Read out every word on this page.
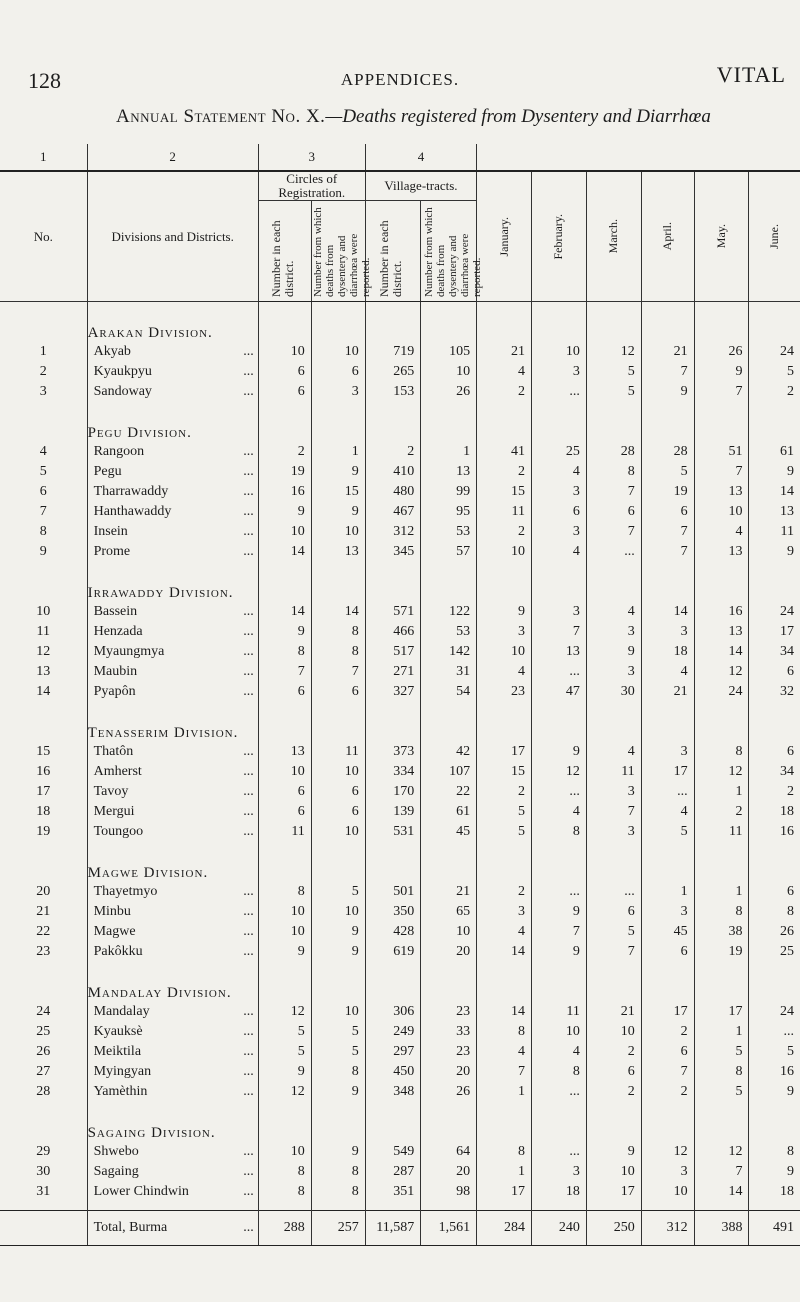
128	APPENDICES.	VITAL
Annual Statement No. X.—Deaths registered from Dysentery and Diarrhœa
1	2	3		4							
No.	Divisions and Districts.	Circles of Registration.		Village-tracts.		January.	February.	March.	April.	May.	June.

		Number in each district.	Number from which deaths from dysentery and diarrhœa were reported.	Number in each district.	Number from which deaths from dysentery and diarrhœa were reported.						

	Arakan Division.										
1	Akyab ...	10	10	719	105	21	10	12	21	26	24
2	Kyaukpyu ...	6	6	265	10	4	3	5	7	9	5
3	Sandoway ...	6	3	153	26	2	...	5	9	7	2
	Pegu Division.										
4	Rangoon ...	2	1	2	1	41	25	28	28	51	61
5	Pegu ...	19	9	410	13	2	4	8	5	7	9
6	Tharrawaddy ...	16	15	480	99	15	3	7	19	13	14
7	Hanthawaddy ...	9	9	467	95	11	6	6	6	10	13
8	Insein ...	10	10	312	53	2	3	7	7	4	11
9	Prome ...	14	13	345	57	10	4	...	7	13	9
	Irrawaddy Division.										
10	Bassein ...	14	14	571	122	9	3	4	14	16	24
11	Henzada ...	9	8	466	53	3	7	3	3	13	17
12	Myaungmya ...	8	8	517	142	10	13	9	18	14	34
13	Maubin ...	7	7	271	31	4	...	3	4	12	6
14	Pyapôn ...	6	6	327	54	23	47	30	21	24	32
	Tenasserim Division.										
15	Thatôn ...	13	11	373	42	17	9	4	3	8	6
16	Amherst ...	10	10	334	107	15	12	11	17	12	34
17	Tavoy ...	6	6	170	22	2	...	3	...	1	2
18	Mergui ...	6	6	139	61	5	4	7	4	2	18
19	Toungoo ...	11	10	531	45	5	8	3	5	11	16
	Magwe Division.										
20	Thayetmyo ...	8	5	501	21	2	...	...	1	1	6
21	Minbu ...	10	10	350	65	3	9	6	3	8	8
22	Magwe ...	10	9	428	10	4	7	5	45	38	26
23	Pakôkku ...	9	9	619	20	14	9	7	6	19	25
	Mandalay Division.										
24	Mandalay ...	12	10	306	23	14	11	21	17	17	24
25	Kyauksè ...	5	5	249	33	8	10	10	2	1	...
26	Meiktila ...	5	5	297	23	4	4	2	6	5	5
27	Myingyan ...	9	8	450	20	7	8	6	7	8	16
28	Yamèthin ...	12	9	348	26	1	...	2	2	5	9
	Sagaing Division.										
29	Shwebo ...	10	9	549	64	8	...	9	12	12	8
30	Sagaing ...	8	8	287	20	1	3	10	3	7	9
31	Lower Chindwin ...	8	8	351	98	17	18	17	10	14	18

	Total, Burma ...	288	257	11,587	1,561	284	240	250	312	388	491
